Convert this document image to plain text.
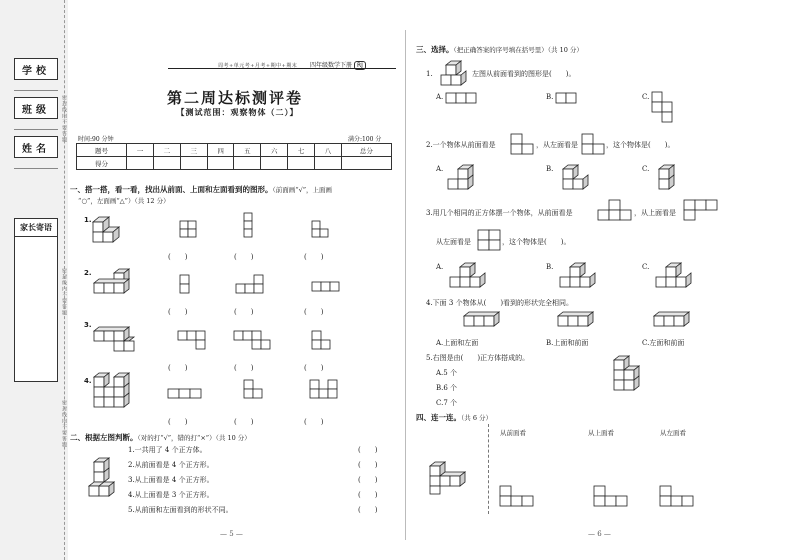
学校
班级
姓名
家长寄语
密封线内不要答题
密封线内不要答题
密封线内不要答题
周考+单元考+月考+期中+期末 四年级数学下册 RJ
第二周达标测评卷
【测试范围：观察物体（二）】
时间:90 分钟	满分:100 分
题号	一	二	三	四	五	六	七	八	总分
得分									
一、搭一搭，看一看，找出从前面、上面和左面看到的图形。（前面画“√”，上面画
“○”，左面画“△”）（共 12 分）
1.
(　　)	(　　)	(　　)
2.
(　　)	(　　)	(　　)
3.
(　　)	(　　)	(　　)
4.
(　　)	(　　)	(　　)
二、根据左图判断。（对的打“√”，错的打“×”）（共 10 分）
1.一共用了 4 个正方体。
2.从前面看是 4 个正方形。
3.从上面看是 4 个正方形。
4.从上面看是 3 个正方形。
5.从前面和左面看到的形状不同。
(　　)
(　　)
(　　)
(　　)
(　　)
— 5 —
三、选择。（把正确答案的序号填在括号里）（共 10 分）
1.	左图从前面看到的图形是(　　)。
A.	B.	C.
2.一个物体从前面看是	，从左面看是	，这个物体是(　　)。
A.	B.	C.
3.用几个相同的正方体摆一个物体，从前面看是	，从上面看是
从左面看是	，这个物体是(　　)。
A.	B.	C.
4.下面 3 个物体从(　　)看到的形状完全相同。
A.上面和左面	B.上面和前面	C.左面和前面
5.右图是由(　　)正方体搭成的。
A.5 个
B.6 个
C.7 个
四、连一连。（共 6 分）
从前面看	从上面看	从左面看
— 6 —
